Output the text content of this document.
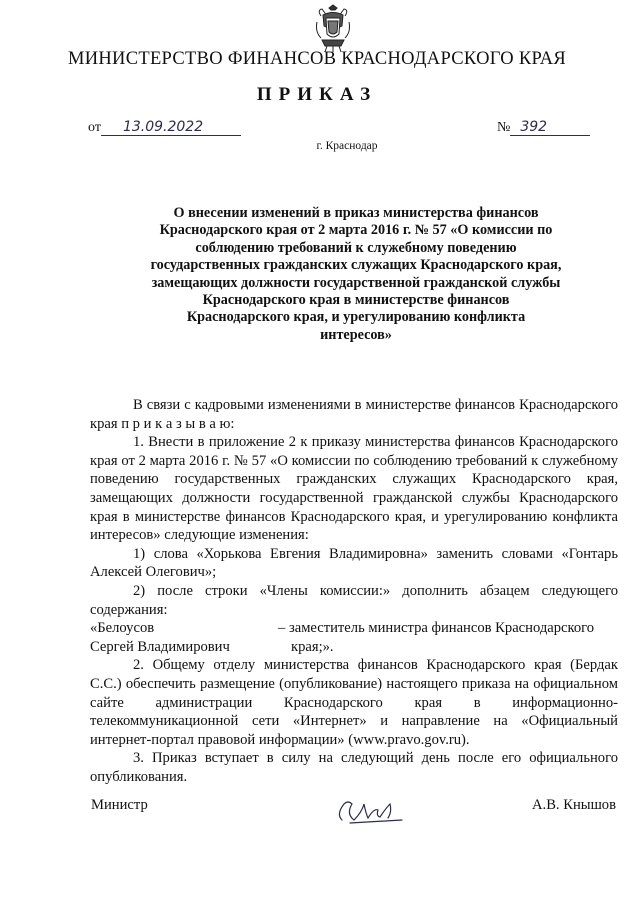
МИНИСТЕРСТВО ФИНАНСОВ КРАСНОДАРСКОГО КРАЯ
ПРИКАЗ
от	13.09.2022	№ 392
г. Краснодар
О внесении изменений в приказ министерства финансов Краснодарского края от 2 марта 2016 г. № 57 «О комиссии по соблюдению требований к служебному поведению государственных гражданских служащих Краснодарского края, замещающих должности государственной гражданской службы Краснодарского края в министерстве финансов Краснодарского края, и урегулированию конфликта интересов»

В связи с кадровыми изменениями в министерстве финансов Краснодарского края п р и к а з ы в а ю:

1. Внести в приложение 2 к приказу министерства финансов Краснодарского края от 2 марта 2016 г. № 57 «О комиссии по соблюдению требований к служебному поведению государственных гражданских служащих Краснодарского края, замещающих должности государственной гражданской службы Краснодарского края в министерстве финансов Краснодарского края, и урегулированию конфликта интересов» следующие изменения:

1) слова «Хорькова Евгения Владимировна» заменить словами «Гонтарь Алексей Олегович»;

2) после строки «Члены комиссии:» дополнить абзацем следующего содержания:

«Белоусов
Сергей Владимирович
– заместитель министра финансов Краснодарского
края;».

2. Общему отделу министерства финансов Краснодарского края (Бердак С.С.) обеспечить размещение (опубликование) настоящего приказа на официальном сайте администрации Краснодарского края в информационно-телекоммуникационной сети «Интернет» и направление на «Официальный интернет-портал правовой информации» (www.pravo.gov.ru).

3. Приказ вступает в силу на следующий день после его официального опубликования.

Министр	А.В. Кнышов
